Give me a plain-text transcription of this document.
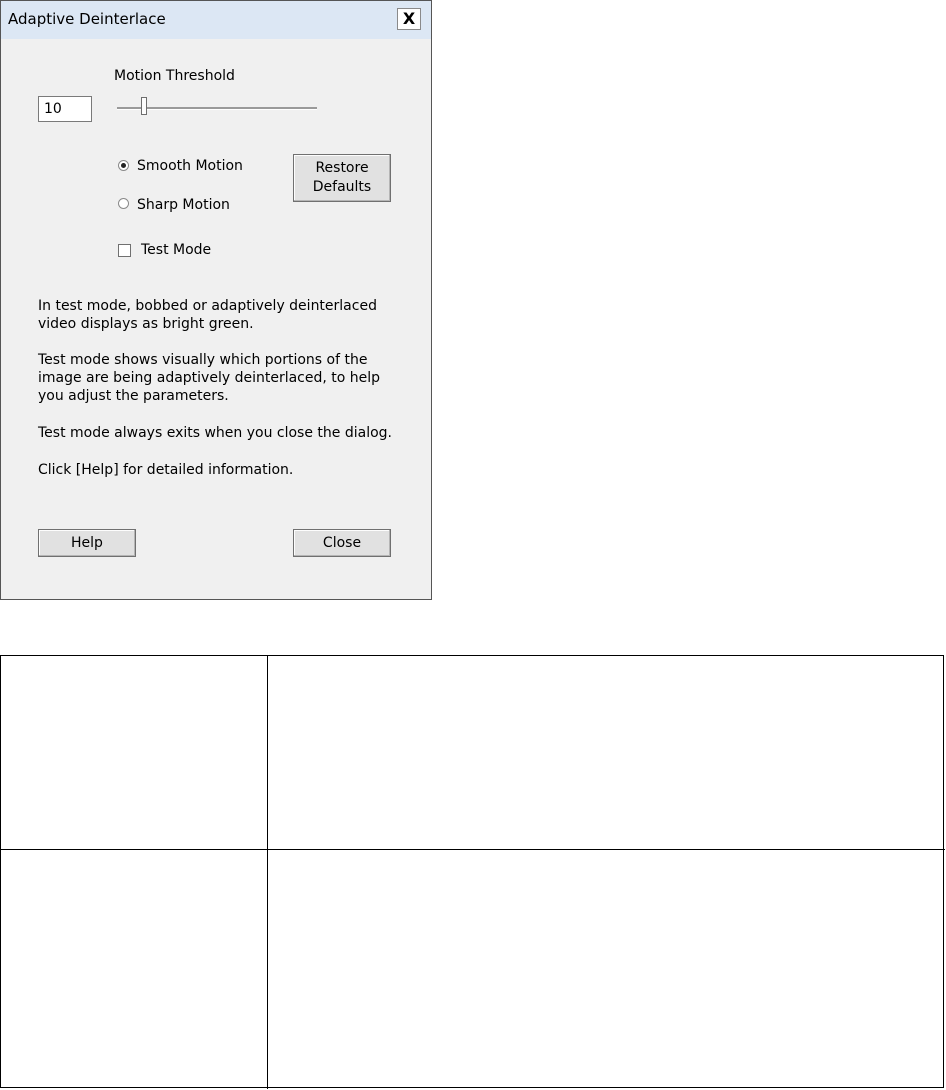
Adaptive Deinterlace	X
Motion Threshold
10
Smooth Motion
Sharp Motion
Restore
Defaults
Test Mode
In test mode, bobbed or adaptively deinterlaced
video displays as bright green.
Test mode shows visually which portions of the
image are being adaptively deinterlaced, to help
you adjust the parameters.
Test mode always exits when you close the dialog.
Click [Help] for detailed information.
Help	Close
